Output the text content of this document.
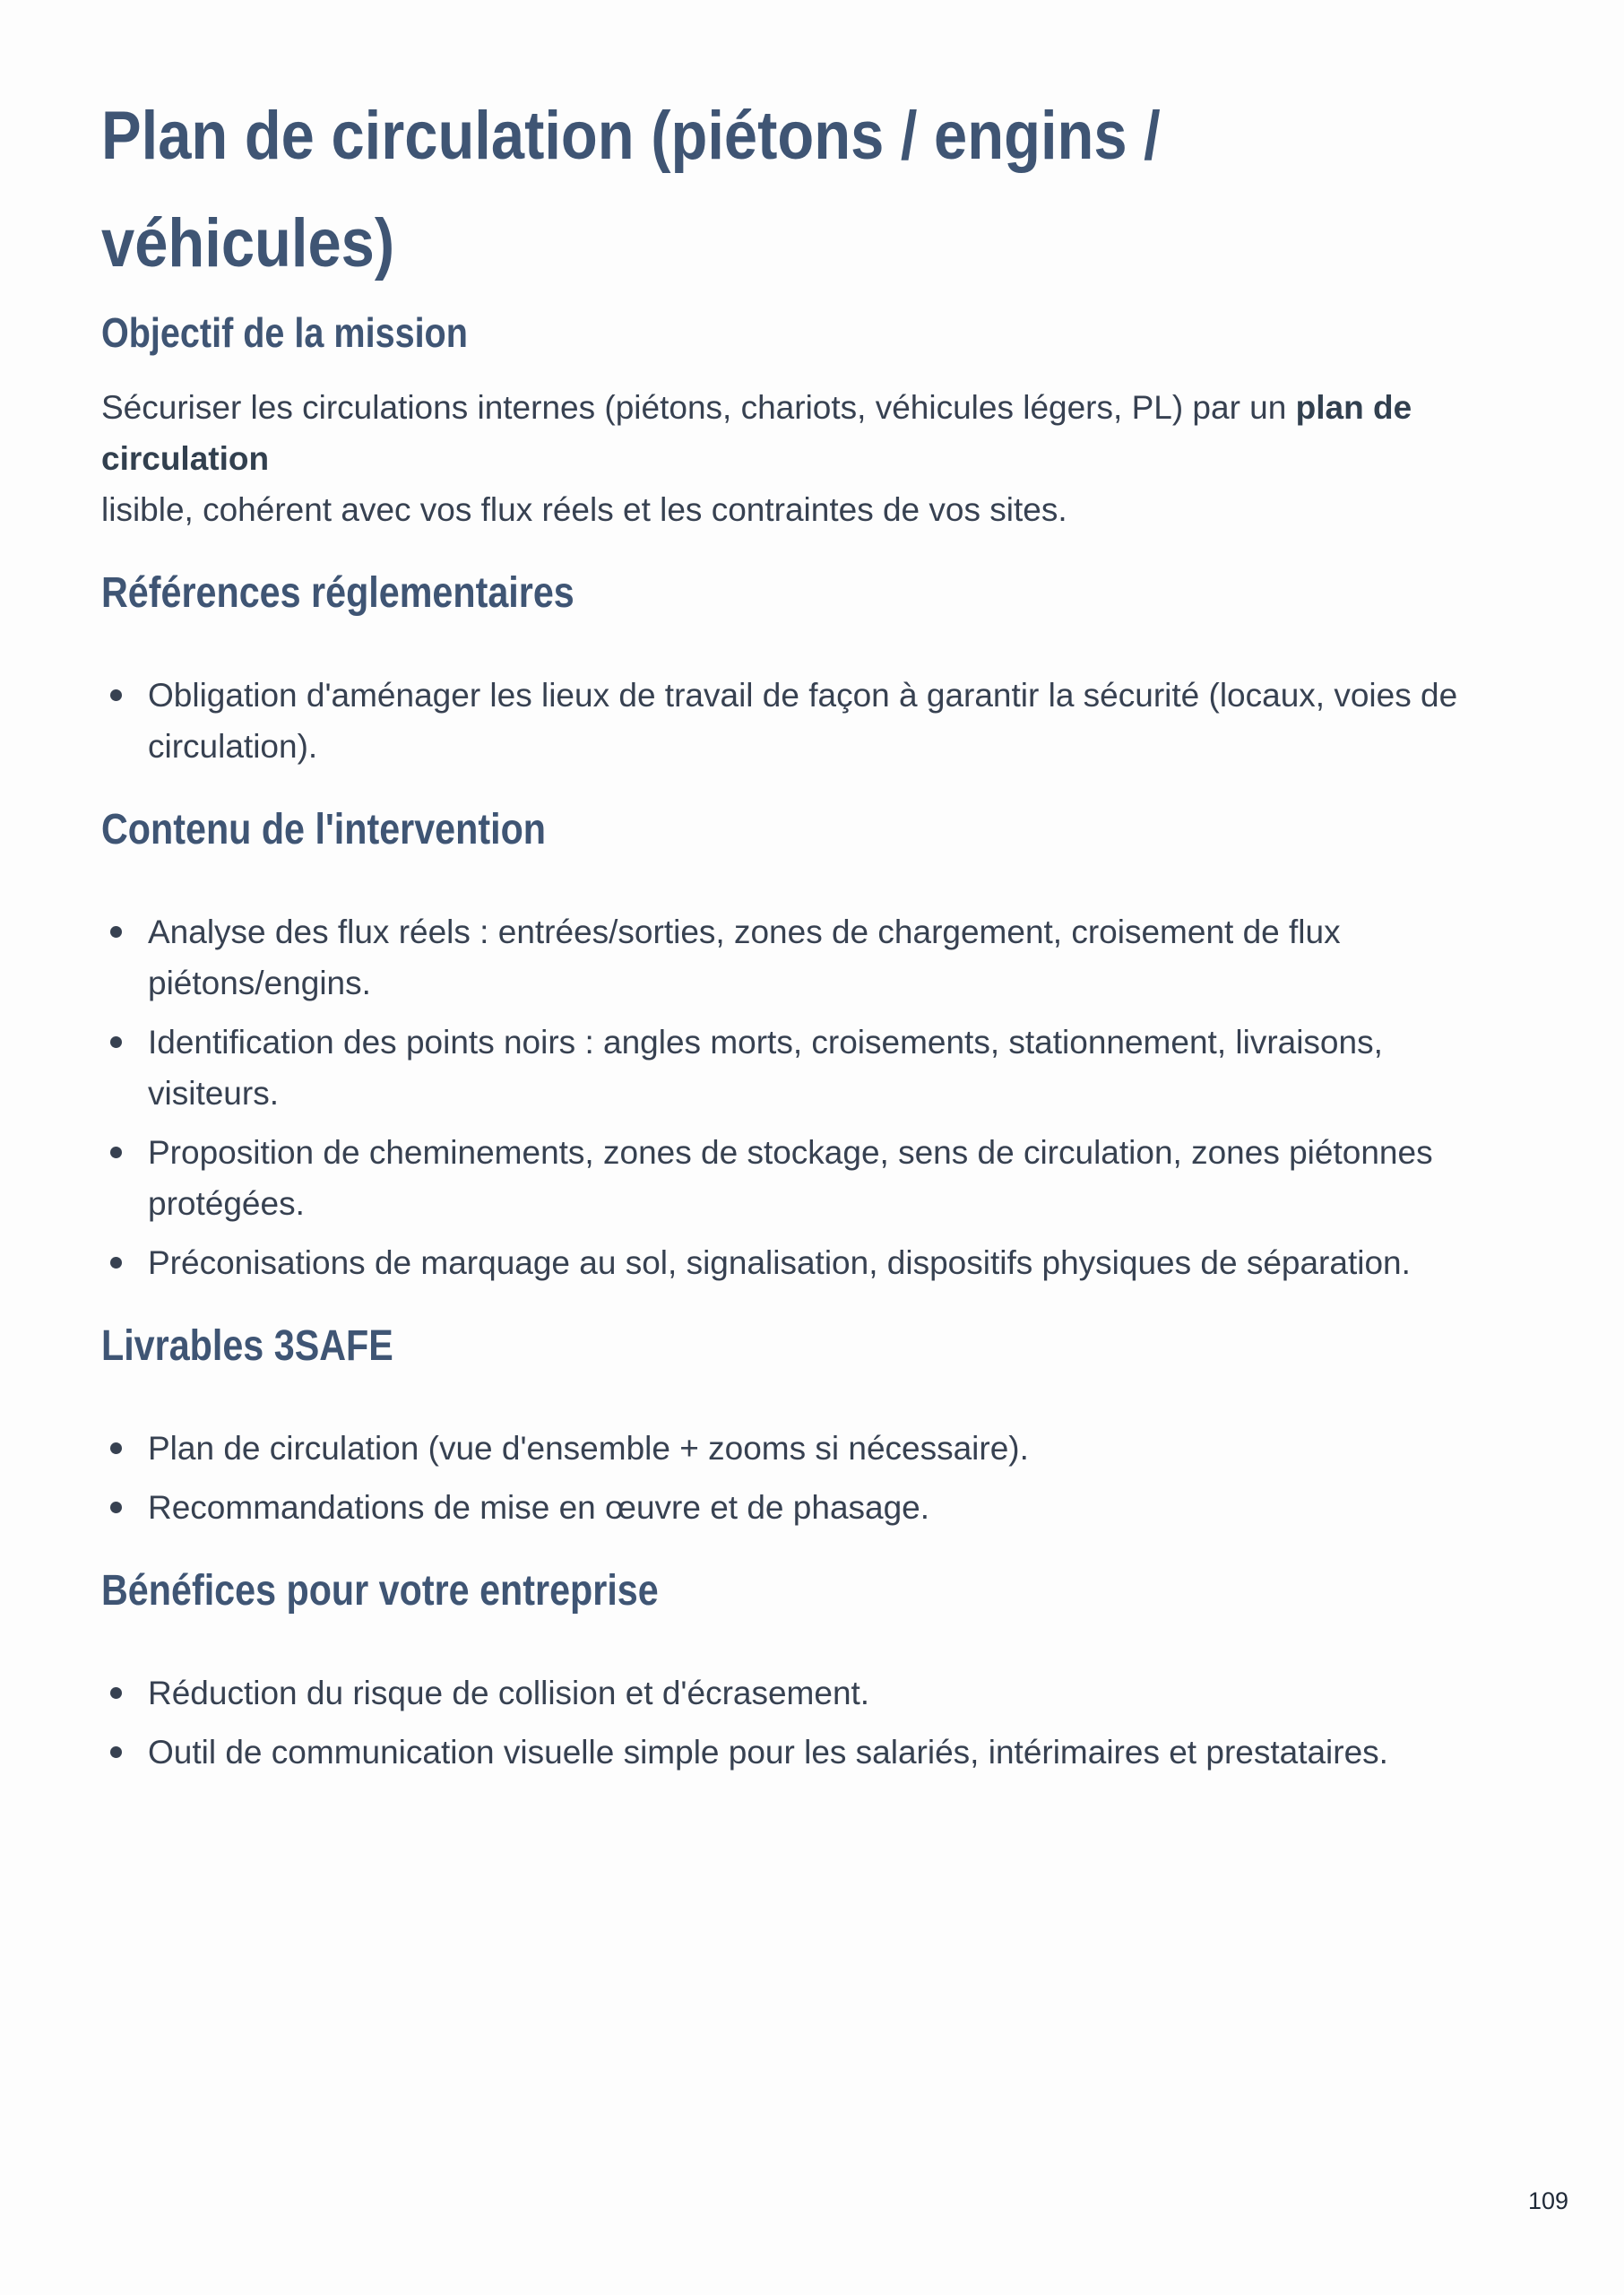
Plan de circulation (piétons / engins /
véhicules)
Objectif de la mission

Sécuriser les circulations internes (piétons, chariots, véhicules légers, PL) par un plan de circulation
lisible, cohérent avec vos flux réels et les contraintes de vos sites.

Références réglementaires
Obligation d'aménager les lieux de travail de façon à garantir la sécurité (locaux, voies de
circulation).
Contenu de l'intervention
Analyse des flux réels : entrées/sorties, zones de chargement, croisement de flux
piétons/engins.
Identification des points noirs : angles morts, croisements, stationnement, livraisons, visiteurs.
Proposition de cheminements, zones de stockage, sens de circulation, zones piétonnes
protégées.
Préconisations de marquage au sol, signalisation, dispositifs physiques de séparation.
Livrables 3SAFE
Plan de circulation (vue d'ensemble + zooms si nécessaire).
Recommandations de mise en œuvre et de phasage.
Bénéfices pour votre entreprise
Réduction du risque de collision et d'écrasement.
Outil de communication visuelle simple pour les salariés, intérimaires et prestataires.
109
